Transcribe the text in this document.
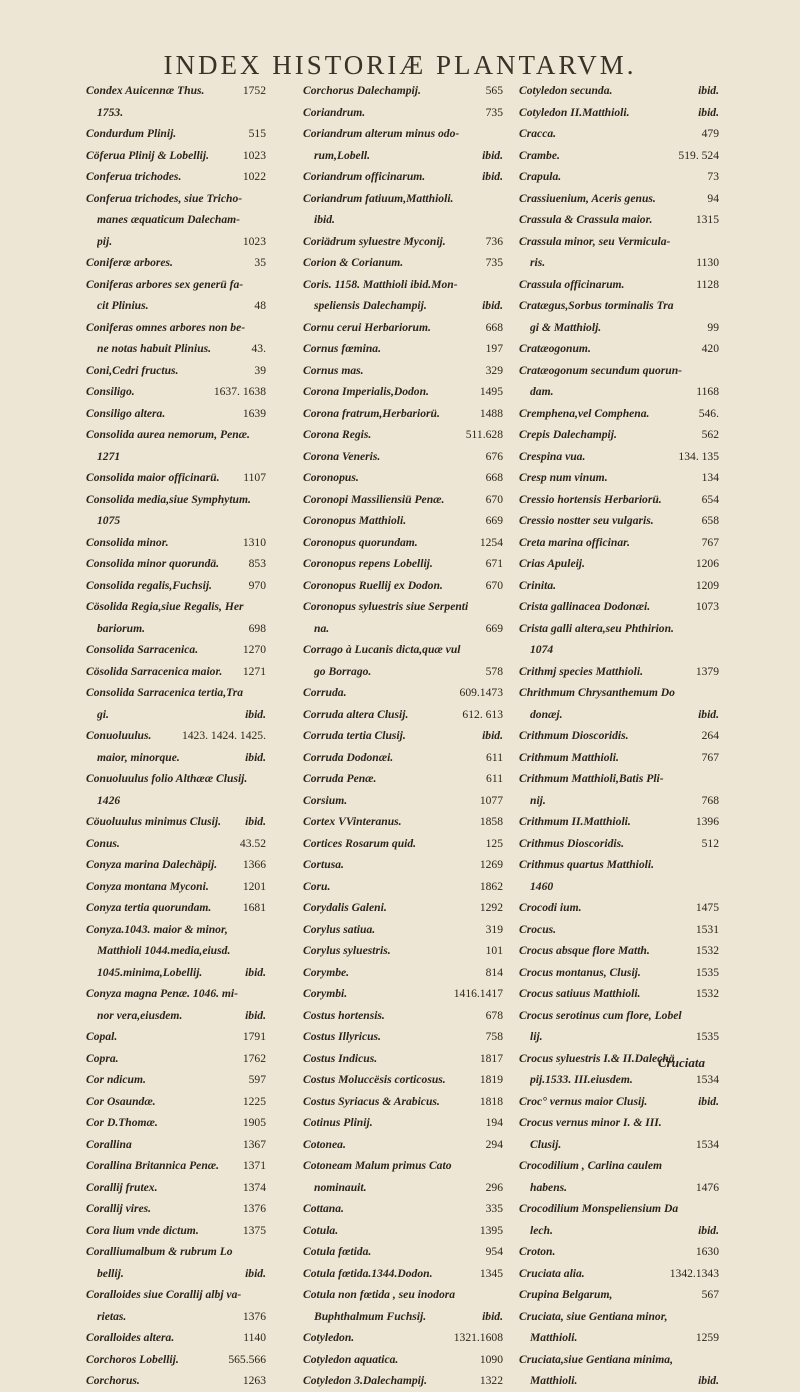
INDEX HISTORIÆ PLANTARVM.
Condex Auicennæ Thus.	1752
1753.
Condurdum Plinij.	515
Cöferua Plinij & Lobellij.	1023
Conferua trichodes.	1022
Conferua trichodes, siue Tricho-
manes æquaticum Dalecham-
pij.	1023
Coniferæ arbores.	35
Coniferas arbores sex generü fa-
cit Plinius.	48
Coniferas omnes arbores non be-
ne notas habuit Plinius.	43.
Coni,Cedri fructus.	39
Consiligo.	1637. 1638
Consiligo altera.	1639
Consolida aurea nemorum, Penæ.
1271
Consolida maior officinarü. 1107
Consolida media,siue Symphytum.
1075
Consolida minor.	1310
Consolida minor quorundä.	853
Consolida regalis,Fuchsij.	970
Cösolida Regia,siue Regalis, Her
bariorum.	698
Consolida Sarracenica.	1270
Cösolida Sarracenica maior. 1271
Consolida Sarracenica tertia,Tra
gi.	ibid.
Conuoluulus.	1423. 1424. 1425.
maior, minorque.	ibid.
Conuoluulus folio Althææ Clusij.
1426
Cöuoluulus minimus Clusij. ibid.
Conus.	43.52
Conyza marina Dalechäpij. 1366
Conyza montana Myconi.	1201
Conyza tertia quorundam.	1681
Conyza.1043. maior & minor,
Matthioli 1044.media,eiusd.
1045.minima,Lobellij.	ibid.
Conyza magna Penæ. 1046. mi-
nor vera,eiusdem.	ibid.
Copal.	1791
Copra.	1762
Cor ndicum.	597
Cor Osaundæ.	1225
Cor D.Thomæ.	1905
Corallina	1367
Corallina Britannica Penæ. 1371
Corallij frutex.	1374
Corallij vires.	1376
Cora lium vnde dictum.	1375
Coralliumalbum & rubrum Lo
bellij.	ibid.
Coralloides siue Corallij albj va-
rietas.	1376
Coralloides altera.	1140
Corchoros Lobellij.	565.566
Corchorus.	1263
Corchorus Dalechampij.	565
Coriandrum.	735
Coriandrum alterum minus odo-
rum,Lobell.	ibid.
Coriandrum officinarum.	ibid.
Coriandrum fatiuum,Matthioli.
ibid.
Coriädrum syluestre Myconij.	736
Corion & Corianum.	735
Coris. 1158. Matthioli ibid.Mon-
speliensis Dalechampij.	ibid.
Cornu cerui Herbariorum.	668
Cornus fœmina.	197
Cornus mas.	329
Corona Imperialis,Dodon.	1495
Corona fratrum,Herbariorü.	1488
Corona Regis.	511.628
Corona Veneris.	676
Coronopus.	668
Coronopi Massiliensiü Penæ.	670
Coronopus Matthioli.	669
Coronopus quorundam.	1254
Coronopus repens Lobellij.	671
Coronopus Ruellij ex Dodon.	670
Coronopus syluestris siue Serpenti
na.	669
Corrago à Lucanis dicta,quæ vul
go Borrago.	578
Corruda.	609.1473
Corruda altera Clusij.	612. 613
Corruda tertia Clusij.	ibid.
Corruda Dodonæi.	611
Corruda Penæ.	611
Corsium.	1077
Cortex VVinteranus.	1858
Cortices Rosarum quid.	125
Cortusa.	1269
Coru.	1862
Corydalis Galeni.	1292
Corylus satiua.	319
Corylus syluestris.	101
Corymbe.	814
Corymbi.	1416.1417
Costus hortensis.	678
Costus Illyricus.	758
Costus Indicus.	1817
Costus Moluccësis corticosus.	1819
Costus Syriacus & Arabicus.	1818
Cotinus Plinij.	194
Cotonea.	294
Cotoneam Malum primus Cato
nominauit.	296
Cottana.	335
Cotula.	1395
Cotula fœtida.	954
Cotula fœtida.1344.Dodon.	1345
Cotula non fœtida , seu inodora
Buphthalmum Fuchsij.	ibid.
Cotyledon.	1321.1608
Cotyledon aquatica.	1090
Cotyledon 3.Dalechampij.	1322
Cotyledon secunda.	ibid.
Cotyledon II.Matthioli.	ibid.
Cracca.	479
Crambe.	519. 524
Crapula.	73
Crassiuenium, Aceris genus.	94
Crassula & Crassula maior.	1315
Crassula minor, seu Vermicula-
ris.	1130
Crassula officinarum.	1128
Cratægus,Sorbus torminalis Tra
gi & Matthiolj.	99
Cratæogonum.	420
Cratæogonum secundum quorun-
dam.	1168
Cremphena,vel Comphena.	546.
Crepis Dalechampij.	562
Crespina vua.	134. 135
Cresp num vinum.	134
Cressio hortensis Herbariorü.	654
Cressio nostter seu vulgaris.	658
Creta marina officinar.	767
Crias Apuleij.	1206
Crinita.	1209
Crista gallinacea Dodonæi.	1073
Crista galli altera,seu Phthirion.
1074
Crithmj species Matthioli.	1379
Chrithmum Chrysanthemum Do
donæj.	ibid.
Crithmum Dioscoridis.	264
Crithmum Matthioli.	767
Crithmum Matthioli,Batis Pli-
nij.	768
Crithmum II.Matthioli.	1396
Crithmus Dioscoridis.	512
Crithmus quartus Matthioli.
1460
Crocodi ium.	1475
Crocus.	1531
Crocus absque flore Matth.	1532
Crocus montanus, Clusij.	1535
Crocus satiuus Matthioli.	1532
Crocus serotinus cum flore, Lobel
lij.	1535
Crocus syluestris I.& II.Dalechä
pij.1533. III.eiusdem.	1534
Croc° vernus maior Clusij.	ibid.
Crocus vernus minor I. & III.
Clusij.	1534
Crocodilium , Carlina caulem
habens.	1476
Crocodilium Monspeliensium Da
lech.	ibid.
Croton.	1630
Cruciata alia.	1342.1343
Crupina Belgarum,	567
Cruciata, siue Gentiana minor,
Matthioli.	1259
Cruciata,siue Gentiana minima,
Matthioli.	ibid.
Cruciata
